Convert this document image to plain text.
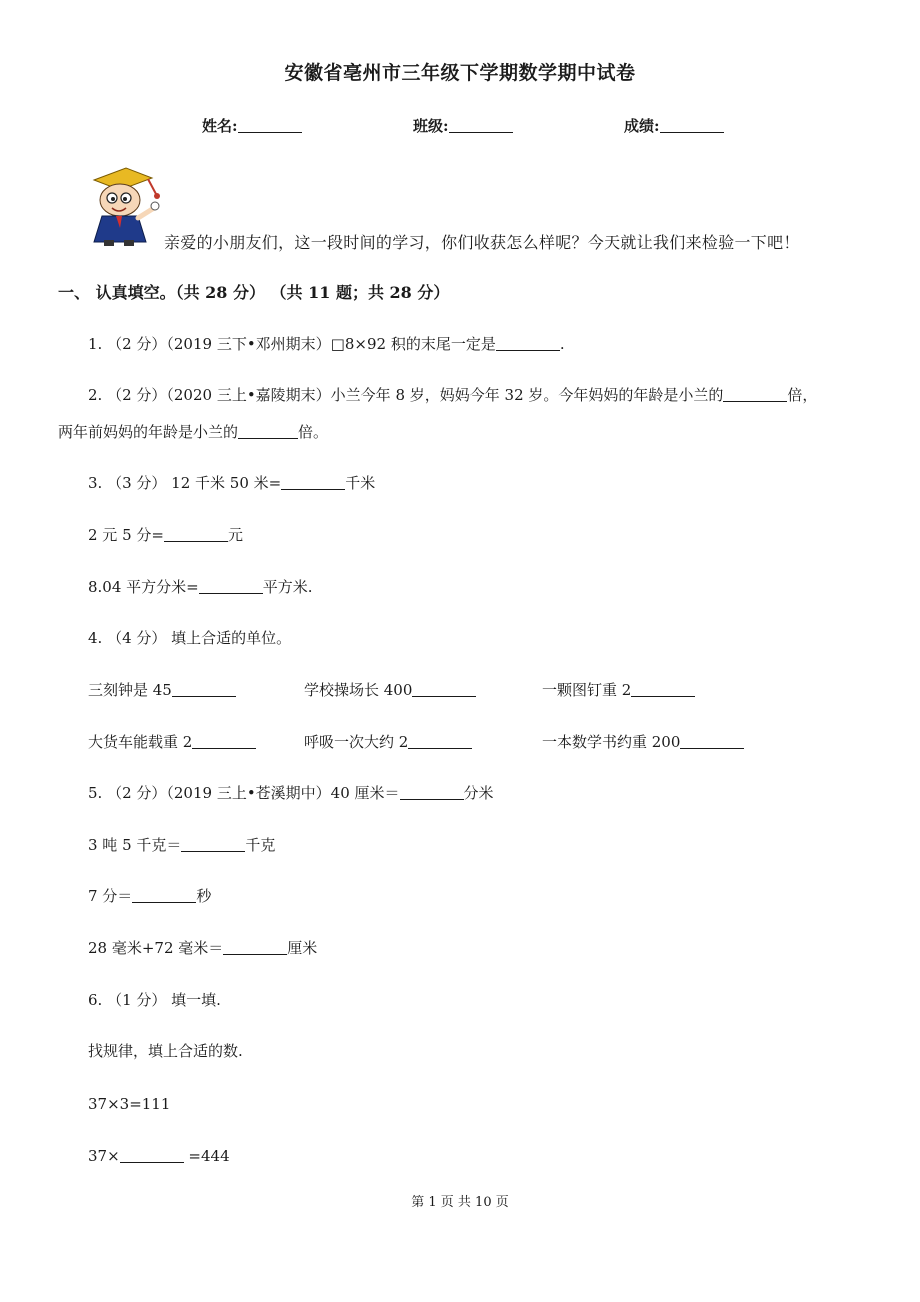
安徽省亳州市三年级下学期数学期中试卷
姓名:	班级:	成绩:
亲爱的小朋友们，这一段时间的学习，你们收获怎么样呢？今天就让我们来检验一下吧！
一、 认真填空。（共 28 分） （共 11 题；共 28 分）
1. （2 分）（2019 三下•邓州期末）□8×92 积的末尾一定是	.
2. （2 分）（2020 三上•嘉陵期末）小兰今年 8 岁，妈妈今年 32 岁。今年妈妈的年龄是小兰的	倍，
两年前妈妈的年龄是小兰的	倍。
3. （3 分） 12 千米 50 米=	千米
2 元 5 分=	元
8.04 平方分米=	平方米.
4. （4 分） 填上合适的单位。
三刻钟是 45	学校操场长 400	一颗图钉重 2
大货车能载重 2	呼吸一次大约 2	一本数学书约重 200
5. （2 分）（2019 三上•苍溪期中）40 厘米＝	分米
3 吨 5 千克＝	千克
7 分＝	秒
28 毫米+72 毫米＝	厘米
6. （1 分） 填一填.
找规律，填上合适的数.
37×3=111
37×	=444
第 1 页 共 10 页
